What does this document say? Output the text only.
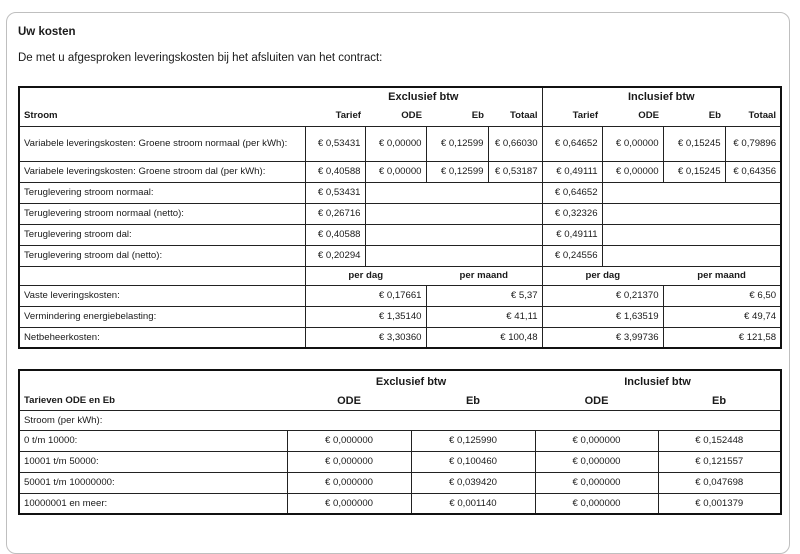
Uw kosten
De met u afgesproken leveringskosten bij het afsluiten van het contract:
	Exclusief btw				Inclusief btw			
Stroom	Tarief	ODE	Eb	Totaal	Tarief	ODE	Eb	Totaal
Variabele leveringskosten: Groene stroom normaal (per kWh):	€ 0,53431	€ 0,00000	€ 0,12599	€ 0,66030	€ 0,64652	€ 0,00000	€ 0,15245	€ 0,79896
Variabele leveringskosten: Groene stroom dal (per kWh):	€ 0,40588	€ 0,00000	€ 0,12599	€ 0,53187	€ 0,49111	€ 0,00000	€ 0,15245	€ 0,64356
Teruglevering stroom normaal:	€ 0,53431				€ 0,64652			
Teruglevering stroom normaal (netto):	€ 0,26716				€ 0,32326			
Teruglevering stroom dal:	€ 0,40588				€ 0,49111			
Teruglevering stroom dal (netto):	€ 0,20294				€ 0,24556			
	per dag		per maand		per dag		per maand	
Vaste leveringskosten:	€ 0,17661		€ 5,37		€ 0,21370		€ 6,50	
Vermindering energiebelasting:	€ 1,35140		€ 41,11		€ 1,63519		€ 49,74	
Netbeheerkosten:	€ 3,30360		€ 100,48		€ 3,99736		€ 121,58	
	Exclusief btw		Inclusief btw	
Tarieven ODE en Eb	ODE	Eb	ODE	Eb
Stroom (per kWh):				
0 t/m 10000:	€ 0,000000	€ 0,125990	€ 0,000000	€ 0,152448
10001 t/m 50000:	€ 0,000000	€ 0,100460	€ 0,000000	€ 0,121557
50001 t/m 10000000:	€ 0,000000	€ 0,039420	€ 0,000000	€ 0,047698
10000001 en meer:	€ 0,000000	€ 0,001140	€ 0,000000	€ 0,001379
